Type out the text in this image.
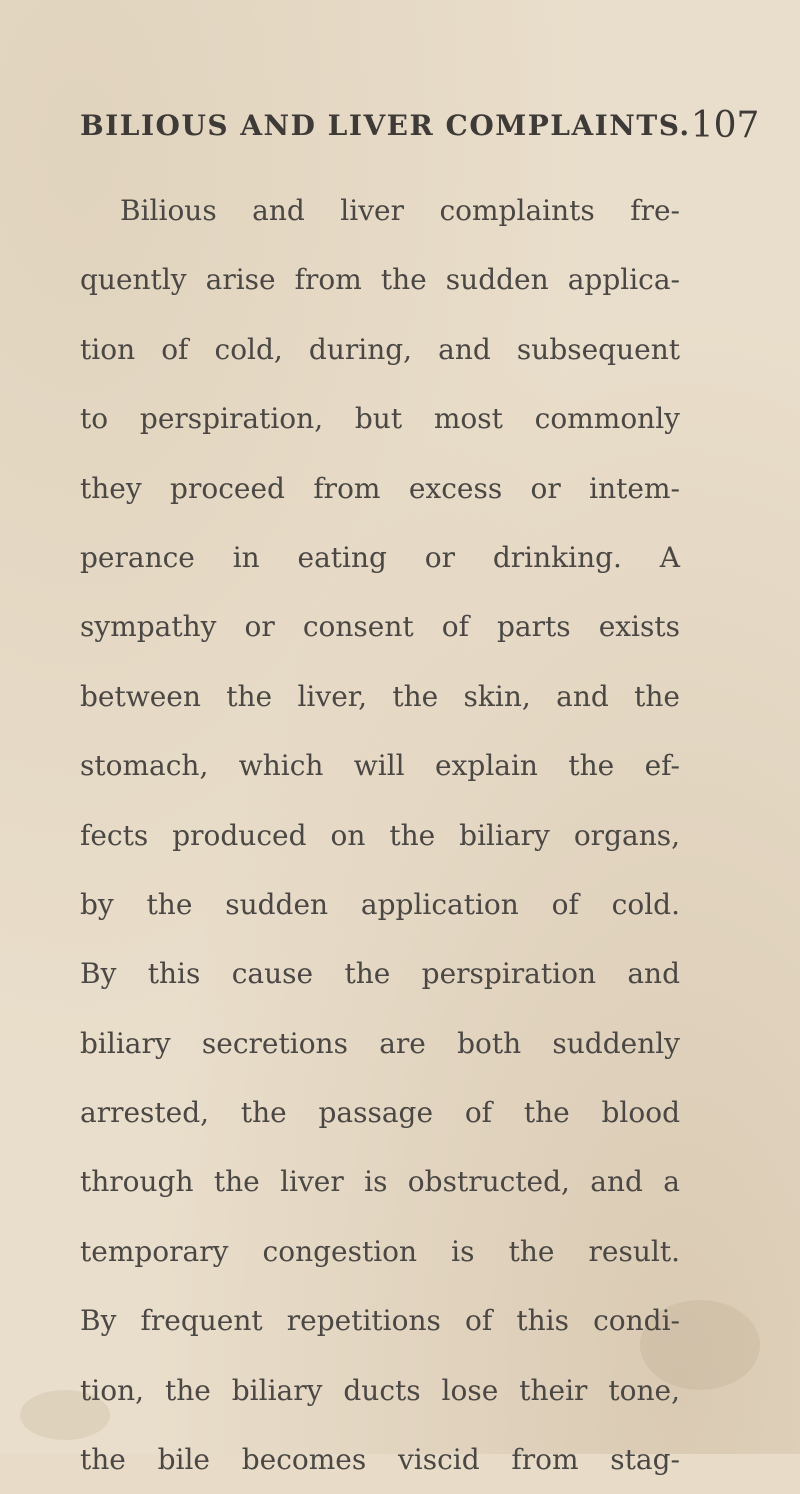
BILIOUS AND LIVER COMPLAINTS. 107
Bilious and liver complaints fre-
quently arise from the sudden applica-
tion of cold, during, and subsequent
to perspiration, but most commonly
they proceed from excess or intem-
perance in eating or drinking. A
sympathy or consent of parts exists
between the liver, the skin, and the
stomach, which will explain the ef-
fects produced on the biliary organs,
by the sudden application of cold.
By this cause the perspiration and
biliary secretions are both suddenly
arrested, the passage of the blood
through the liver is obstructed, and a
temporary congestion is the result.
By frequent repetitions of this condi-
tion, the biliary ducts lose their tone,
the bile becomes viscid from stag-
